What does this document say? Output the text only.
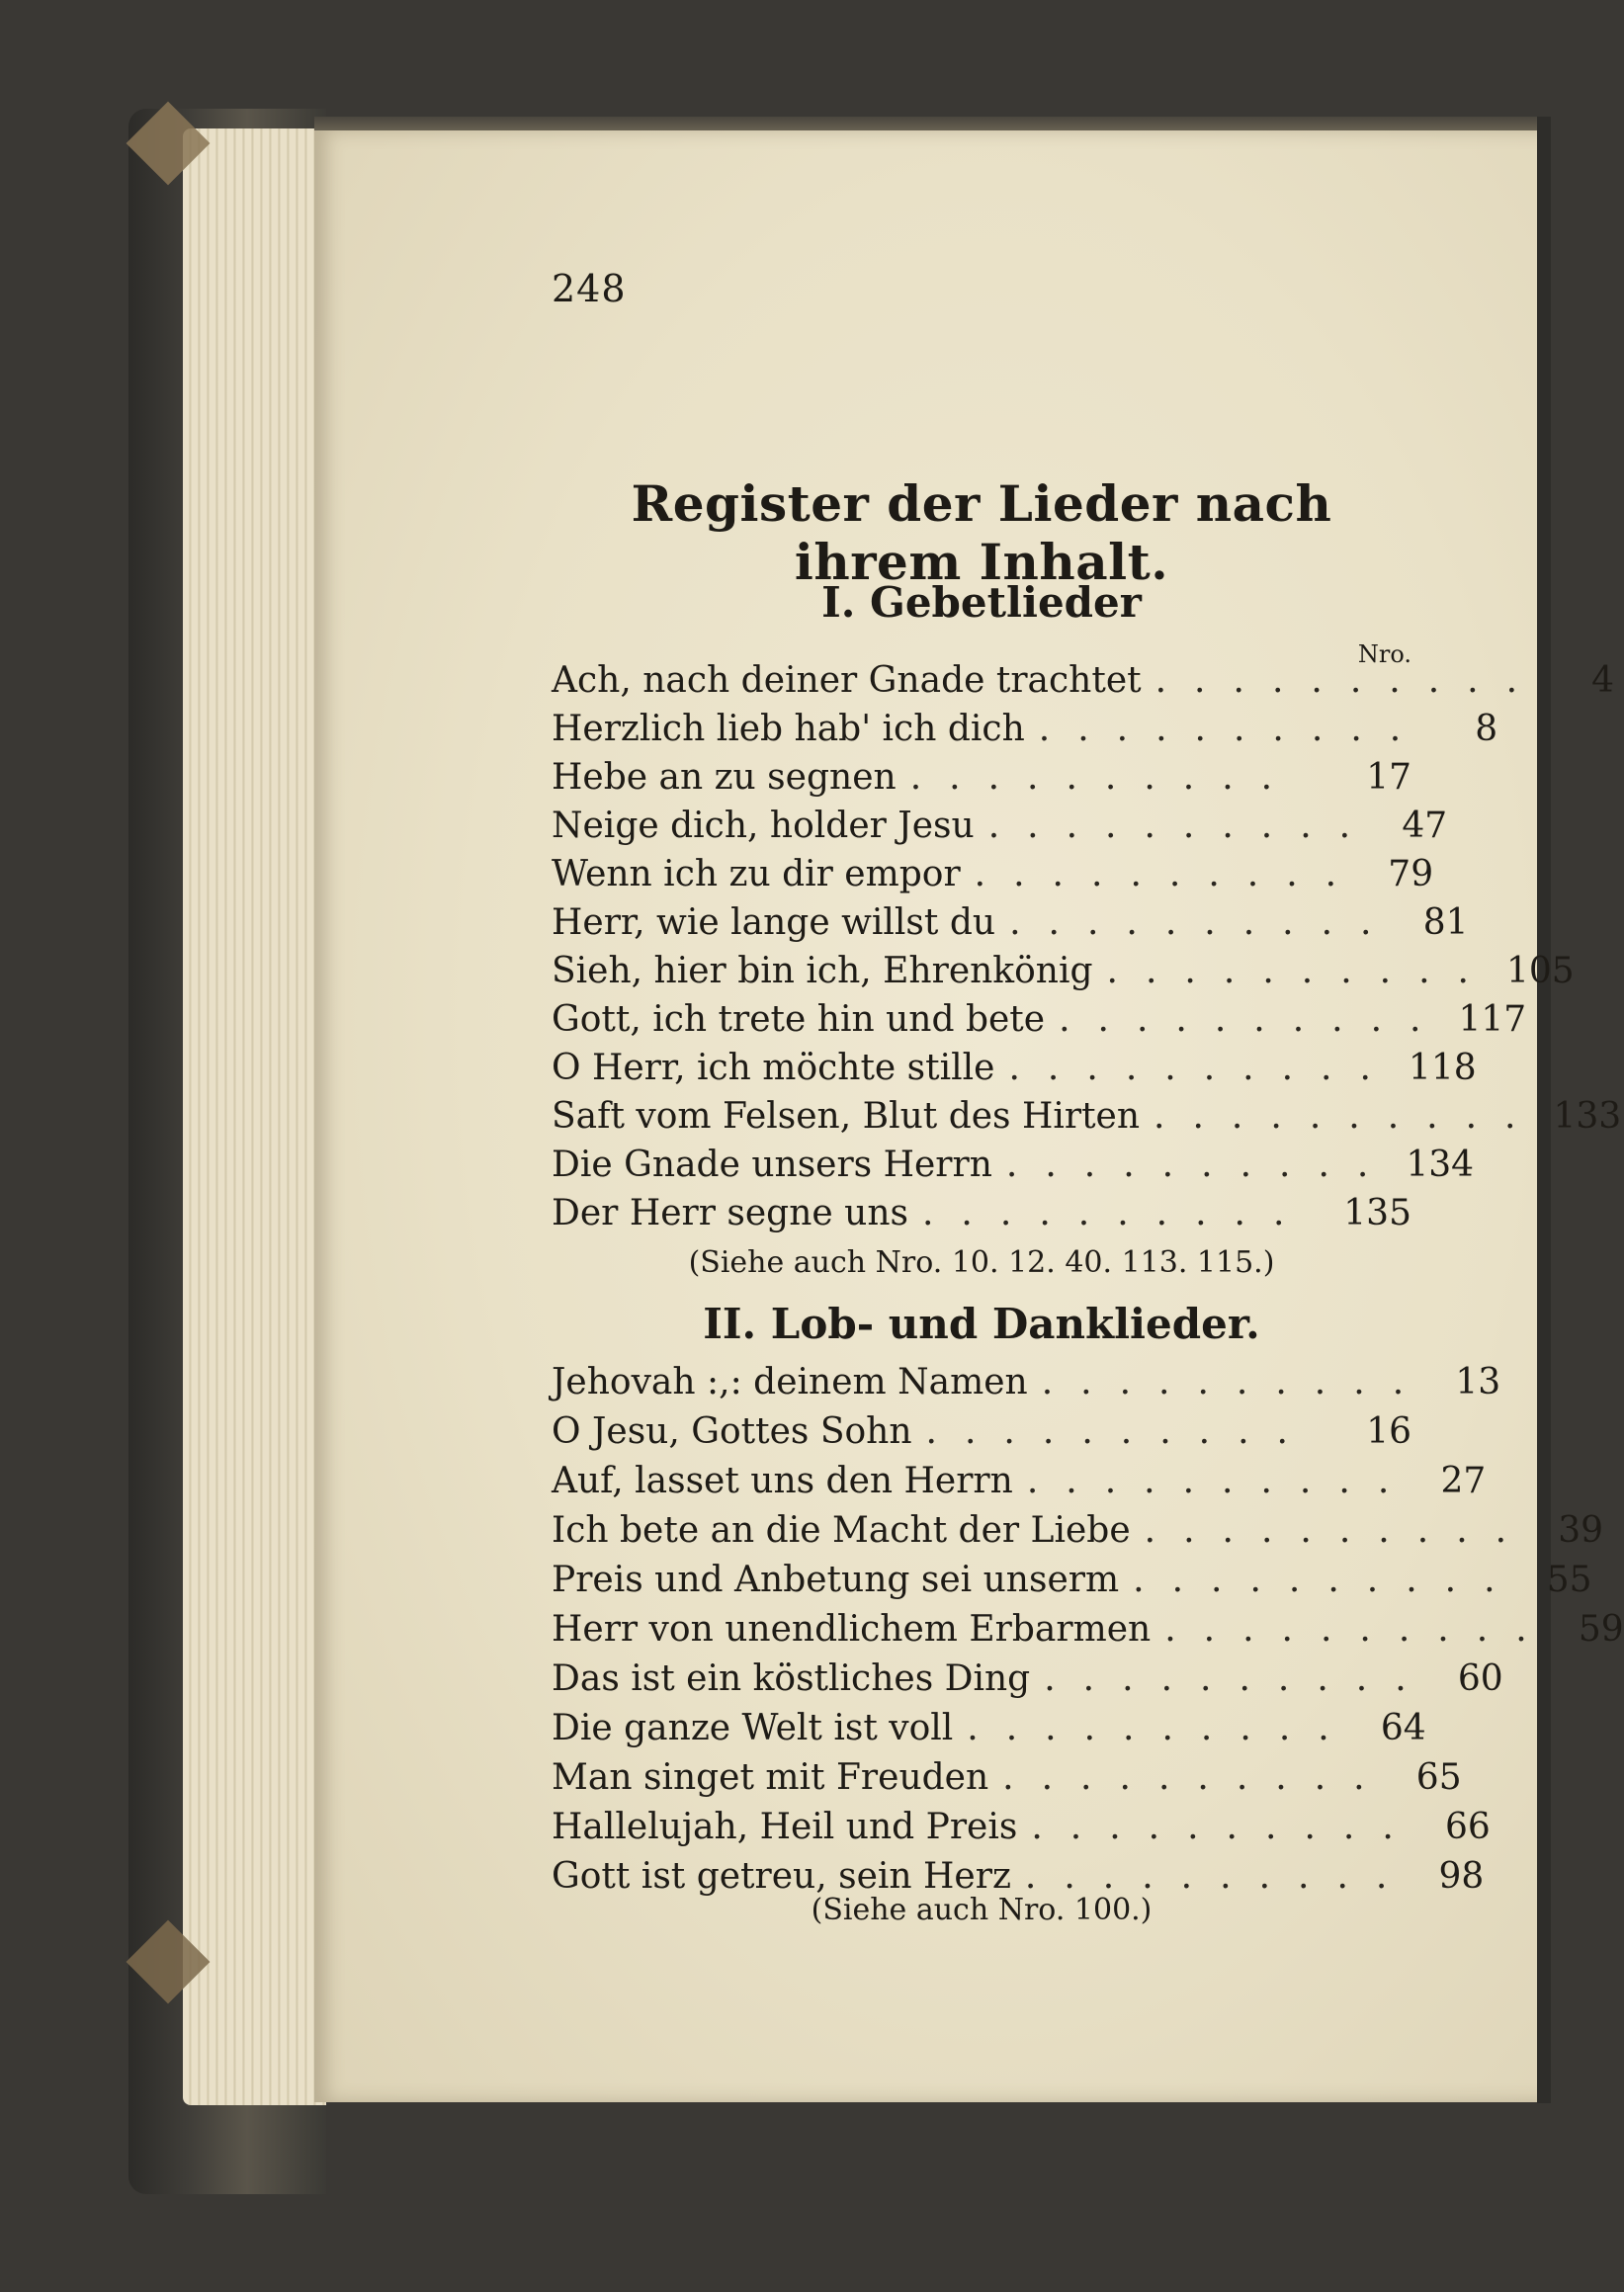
248
Register der Lieder nach ihrem Inhalt.
I. Gebetlieder
Nro.
Ach, nach deiner Gnade trachtet ..........	4
Herzlich lieb hab' ich dich ..........	8
Hebe an zu segnen ..........	17
Neige dich, holder Jesu .......... 47
Wenn ich zu dir empor .......... 79
Herr, wie lange willst du .......... 81
Sieh, hier bin ich, Ehrenkönig .......... 105
Gott, ich trete hin und bete .......... 117
O Herr, ich möchte stille .......... 118
Saft vom Felsen, Blut des Hirten .......... 133
Die Gnade unsers Herrn .......... 134
Der Herr segne uns .......... 135
(Siehe auch Nro. 10. 12. 40. 113. 115.)
II. Lob- und Danklieder.
Jehovah :,: deinem Namen .......... 13
O Jesu, Gottes Sohn ..........	16
Auf, lasset uns den Herrn .......... 27
Ich bete an die Macht der Liebe .......... 39
Preis und Anbetung sei unserm .......... 55
Herr von unendlichem Erbarmen .......... 59
Das ist ein köstliches Ding .......... 60
Die ganze Welt ist voll .......... 64
Man singet mit Freuden .......... 65
Hallelujah, Heil und Preis .......... 66
Gott ist getreu, sein Herz .......... 98
(Siehe auch Nro. 100.)
